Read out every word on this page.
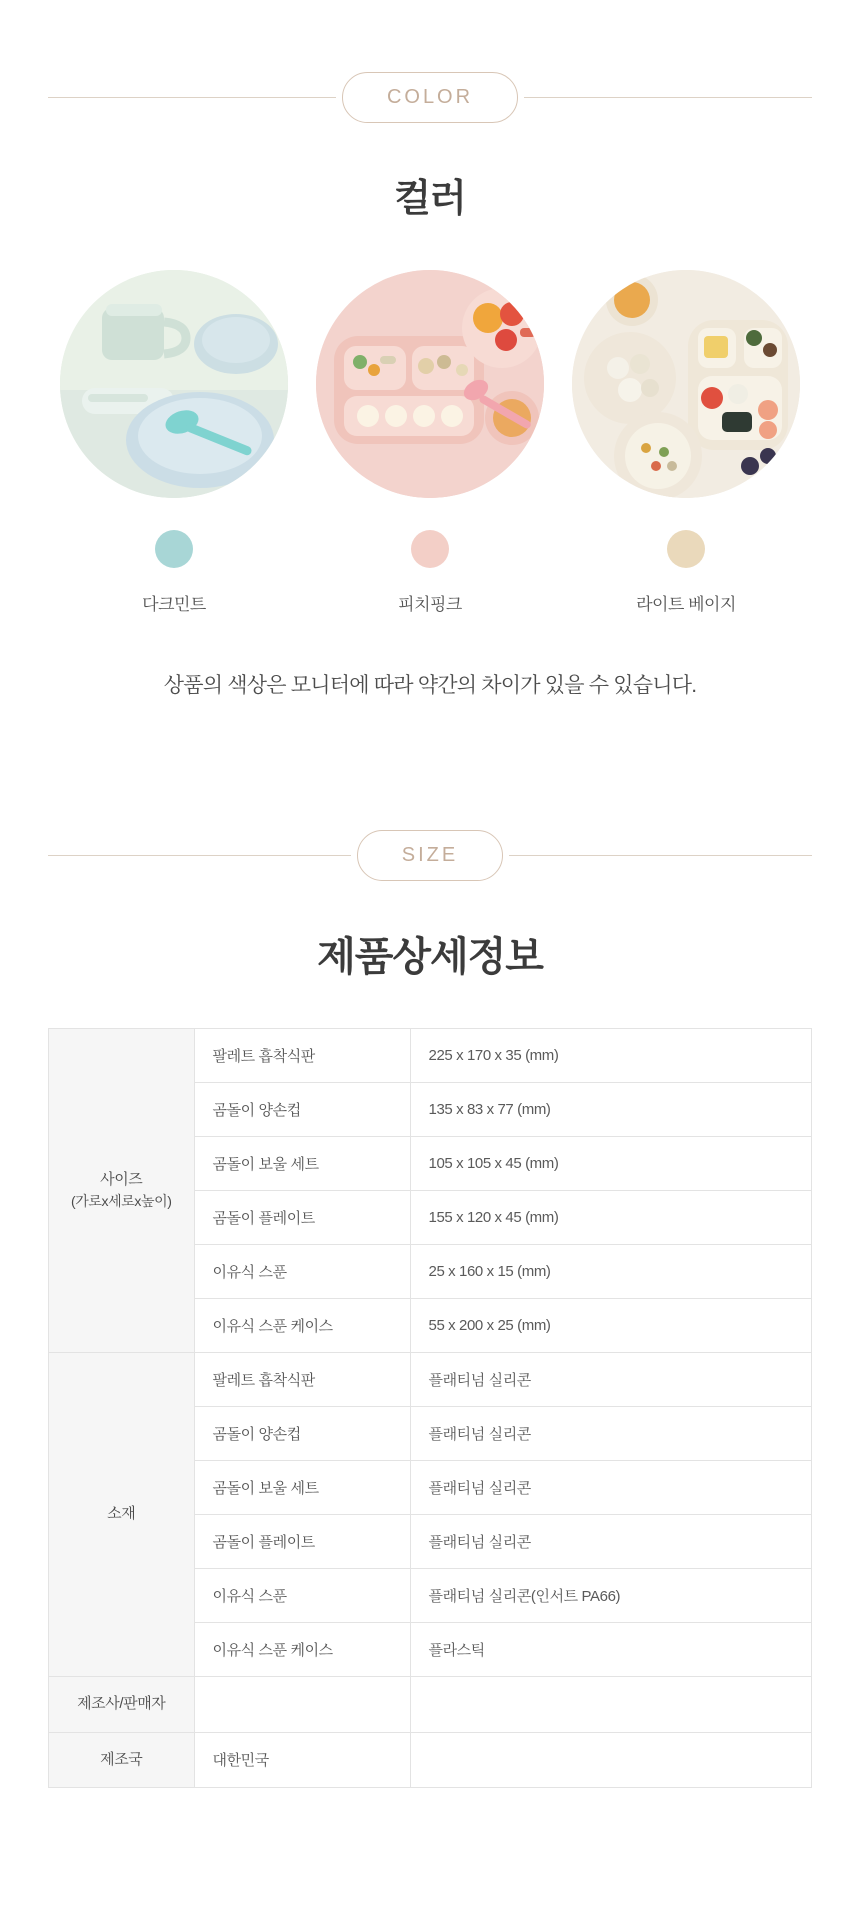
COLOR
컬러
다크민트	피치핑크	라이트 베이지

상품의 색상은 모니터에 따라 약간의 차이가 있을 수 있습니다.

SIZE
제품상세정보
사이즈
(가로x세로x높이)	팔레트 흡착식판	225 x 170 x 35 (mm)
	곰돌이 양손컵	135 x 83 x 77 (mm)
	곰돌이 보울 세트	105 x 105 x 45 (mm)
	곰돌이 플레이트	155 x 120 x 45 (mm)
	이유식 스푼	25 x 160 x 15 (mm)
	이유식 스푼 케이스	55 x 200 x 25 (mm)
소재	팔레트 흡착식판	플래티넘 실리콘
	곰돌이 양손컵	플래티넘 실리콘
	곰돌이 보울 세트	플래티넘 실리콘
	곰돌이 플레이트	플래티넘 실리콘
	이유식 스푼	플래티넘 실리콘(인서트 PA66)
	이유식 스푼 케이스	플라스틱
제조사/판매자		
제조국	대한민국	
